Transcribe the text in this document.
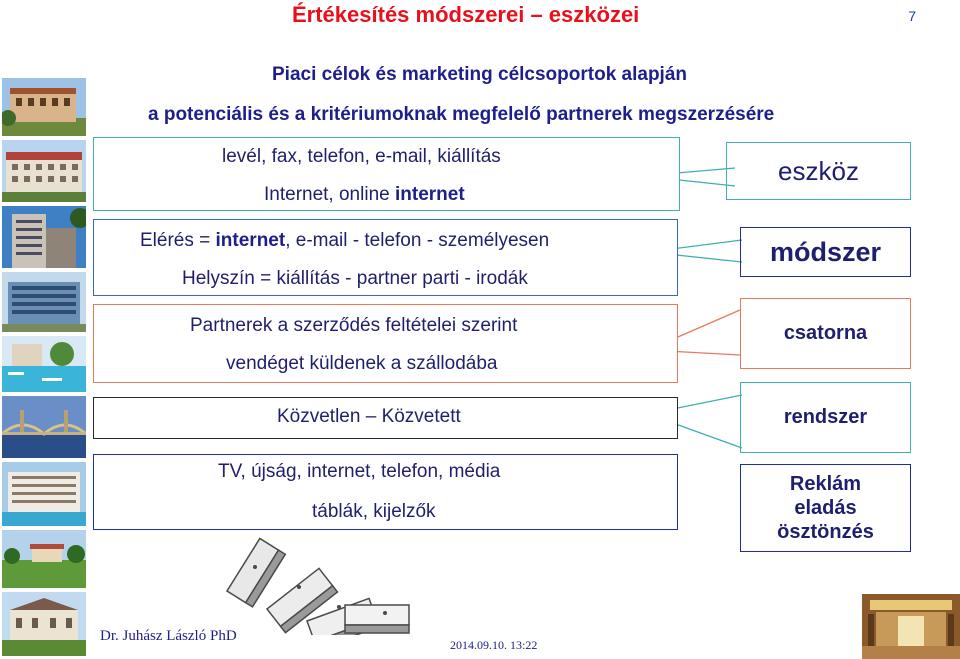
Értékesítés módszerei – eszközei	7
Piaci célok és marketing célcsoportok alapján
a potenciális és a kritériumoknak megfelelő partnerek megszerzésére
levél, fax, telefon, e-mail, kiállítás
Internet, online internet
eszköz
Elérés = internet, e-mail - telefon - személyesen
Helyszín = kiállítás - partner parti - irodák
módszer
Partnerek a szerződés feltételei szerint
vendéget küldenek a szállodába
csatorna
Közvetlen – Közvetett	rendszer
TV, újság, internet, telefon, média
táblák, kijelzők
Reklám
eladás
ösztönzés
Dr. Juhász László PhD
2014.09.10. 13:22
